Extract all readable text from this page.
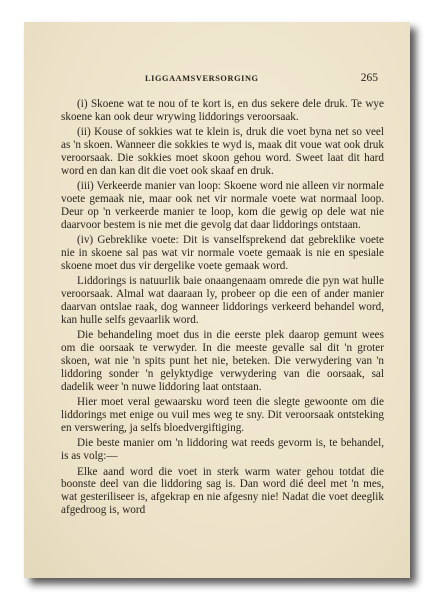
LIGGAAMSVERSORGING	265

(i) Skoene wat te nou of te kort is, en dus sekere dele druk. Te wye skoene kan ook deur wrywing liddorings veroorsaak.

(ii) Kouse of sokkies wat te klein is, druk die voet byna net so veel as 'n skoen. Wanneer die sokkies te wyd is, maak dit voue wat ook druk veroorsaak. Die sokkies moet skoon gehou word. Sweet laat dit hard word en dan kan dit die voet ook skaaf en druk.

(iii) Verkeerde manier van loop: Skoene word nie alleen vir normale voete gemaak nie, maar ook net vir normale voete wat normaal loop. Deur op 'n verkeerde manier te loop, kom die gewig op dele wat nie daarvoor bestem is nie met die gevolg dat daar liddorings ontstaan.

(iv) Gebreklike voete: Dit is vanselfsprekend dat gebreklike voete nie in skoene sal pas wat vir normale voete gemaak is nie en spesiale skoene moet dus vir dergelike voete gemaak word.

Liddorings is natuurlik baie onaangenaam omrede die pyn wat hulle veroorsaak. Almal wat daaraan ly, probeer op die een of ander manier daarvan ontslae raak, dog wanneer liddorings verkeerd behandel word, kan hulle selfs gevaarlik word.

Die behandeling moet dus in die eerste plek daarop gemunt wees om die oorsaak te verwyder. In die meeste gevalle sal dit 'n groter skoen, wat nie 'n spits punt het nie, beteken. Die verwydering van 'n liddoring sonder 'n gelyktydige verwydering van die oorsaak, sal dadelik weer 'n nuwe liddoring laat ontstaan.

Hier moet veral gewaarsku word teen die slegte gewoonte om die liddorings met enige ou vuil mes weg te sny. Dit veroorsaak ontsteking en verswering, ja selfs bloedvergiftiging.

Die beste manier om 'n liddoring wat reeds gevorm is, te behandel, is as volg:—

Elke aand word die voet in sterk warm water gehou totdat die boonste deel van die liddoring sag is. Dan word dié deel met 'n mes, wat gesteriliseer is, afgekrap en nie afgesny nie! Nadat die voet deeglik afgedroog is, word
